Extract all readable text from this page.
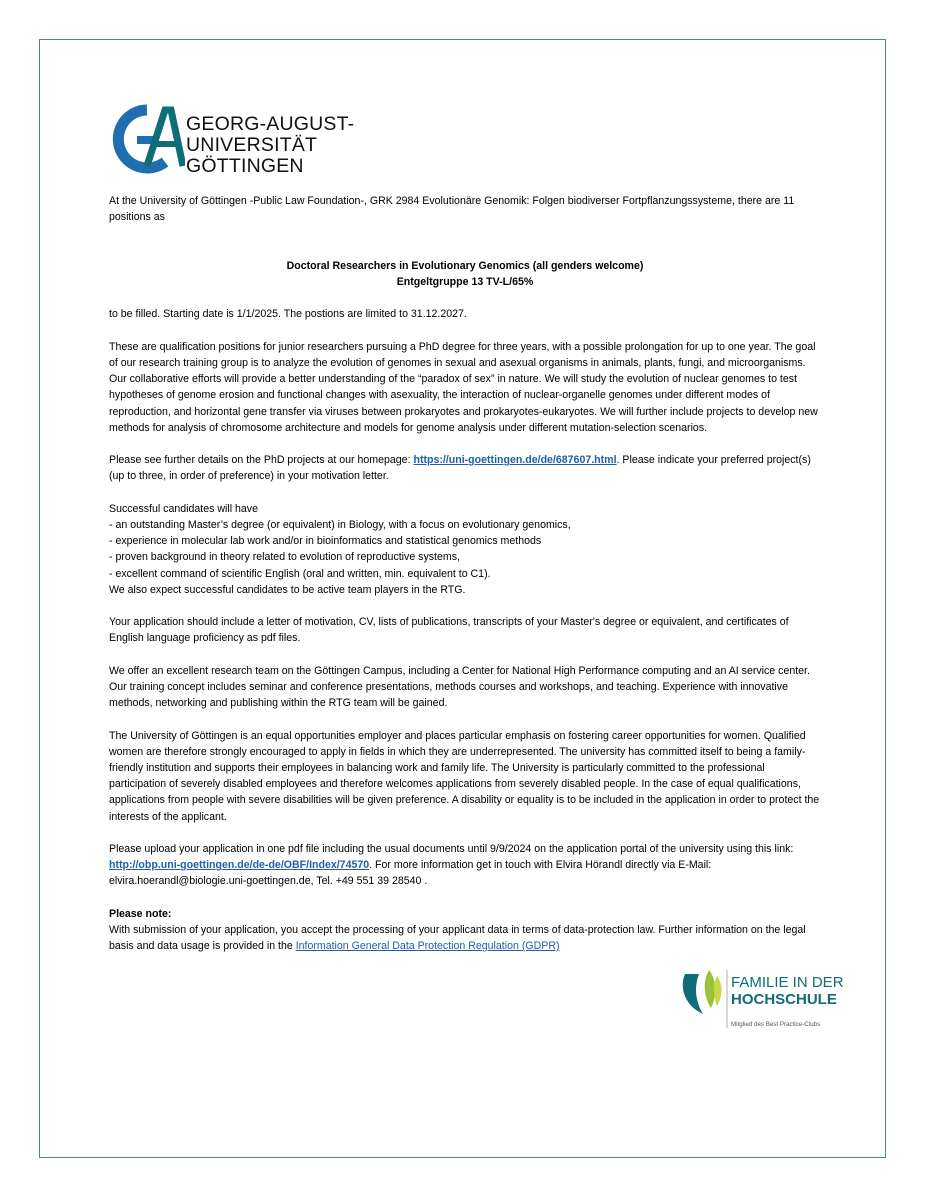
GEORG-AUGUST-UNIVERSITÄT
GÖTTINGEN

At the University of Göttingen -Public Law Foundation-, GRK 2984 Evolutionäre Genomik: Folgen biodiverser Fortpflanzungssysteme, there are 11 positions as

Doctoral Researchers in Evolutionary Genomics (all genders welcome)

Entgeltgruppe 13 TV-L/65%

to be filled. Starting date is 1/1/2025. The postions are limited to 31.12.2027.

These are qualification positions for junior researchers pursuing a PhD degree for three years, with a possible prolongation for up to one year. The goal of our research training group is to analyze the evolution of genomes in sexual and asexual organisms in animals, plants, fungi, and microorganisms. Our collaborative efforts will provide a better understanding of the “paradox of sex” in nature. We will study the evolution of nuclear genomes to test hypotheses of genome erosion and functional changes with asexuality, the interaction of nuclear-organelle genomes under different modes of reproduction, and horizontal gene transfer via viruses between prokaryotes and prokaryotes-eukaryotes. We will further include projects to develop new methods for analysis of chromosome architecture and models for genome analysis under different mutation-selection scenarios.

Please see further details on the PhD projects at our homepage: https://uni-goettingen.de/de/687607.html. Please indicate your preferred project(s) (up to three, in order of preference) in your motivation letter.

Successful candidates will have

- an outstanding Master’s degree (or equivalent) in Biology, with a focus on evolutionary genomics,

- experience in molecular lab work and/or in bioinformatics and statistical genomics methods

- proven background in theory related to evolution of reproductive systems,

- excellent command of scientific English (oral and written, min. equivalent to C1).

We also expect successful candidates to be active team players in the RTG.

Your application should include a letter of motivation, CV, lists of publications, transcripts of your Master's degree or equivalent, and certificates of English language proficiency as pdf files.

We offer an excellent research team on the Göttingen Campus, including a Center for National High Performance computing and an AI service center. Our training concept includes seminar and conference presentations, methods courses and workshops, and teaching. Experience with innovative methods, networking and publishing within the RTG team will be gained.

The University of Göttingen is an equal opportunities employer and places particular emphasis on fostering career opportunities for women. Qualified women are therefore strongly encouraged to apply in fields in which they are underrepresented. The university has committed itself to being a family-friendly institution and supports their employees in balancing work and family life. The University is particularly committed to the professional participation of severely disabled employees and therefore welcomes applications from severely disabled people. In the case of equal qualifications, applications from people with severe disabilities will be given preference. A disability or equality is to be included in the application in order to protect the interests of the applicant.

Please upload your application in one pdf file including the usual documents until 9/9/2024 on the application portal of the university using this link: http://obp.uni-goettingen.de/de-de/OBF/Index/74570. For more information get in touch with Elvira Hörandl directly via E-Mail: elvira.hoerandl@biologie.uni-goettingen.de, Tel. +49 551 39 28540 .

Please note:

With submission of your application, you accept the processing of your applicant data in terms of data-protection law. Further information on the legal basis and data usage is provided in the Information General Data Protection Regulation (GDPR)

FAMILIE IN DER
HOCHSCHULE
Mitglied des Best Practice-Clubs
